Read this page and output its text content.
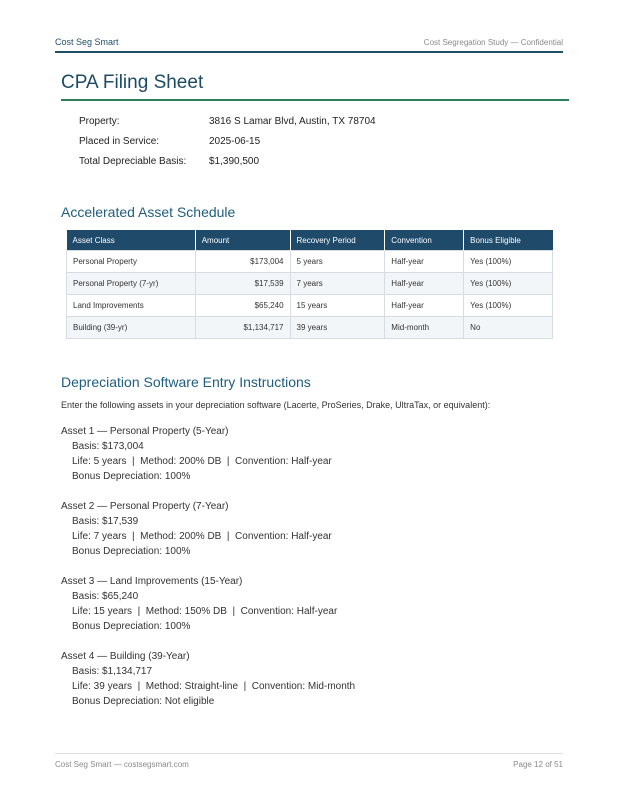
Cost Seg Smart	Cost Segregation Study — Confidential
CPA Filing Sheet
Property:	3816 S Lamar Blvd, Austin, TX 78704
Placed in Service:	2025-06-15
Total Depreciable Basis: $1,390,500
Accelerated Asset Schedule
Asset Class	Amount	Recovery Period	Convention	Bonus Eligible
Personal Property	$173,004	5 years	Half-year	Yes (100%)
Personal Property (7-yr)	$17,539	7 years	Half-year	Yes (100%)
Land Improvements	$65,240	15 years	Half-year	Yes (100%)
Building (39-yr)	$1,134,717	39 years	Mid-month	No
Depreciation Software Entry Instructions
Enter the following assets in your depreciation software (Lacerte, ProSeries, Drake, UltraTax, or equivalent):
Asset 1 — Personal Property (5-Year)
Basis: $173,004
Life: 5 years  |  Method: 200% DB  |  Convention: Half-year
Bonus Depreciation: 100%
Asset 2 — Personal Property (7-Year)
Basis: $17,539
Life: 7 years  |  Method: 200% DB  |  Convention: Half-year
Bonus Depreciation: 100%
Asset 3 — Land Improvements (15-Year)
Basis: $65,240
Life: 15 years  |  Method: 150% DB  |  Convention: Half-year
Bonus Depreciation: 100%
Asset 4 — Building (39-Year)
Basis: $1,134,717
Life: 39 years  |  Method: Straight-line  |  Convention: Mid-month
Bonus Depreciation: Not eligible
Cost Seg Smart — costsegsmart.com	Page 12 of 51
